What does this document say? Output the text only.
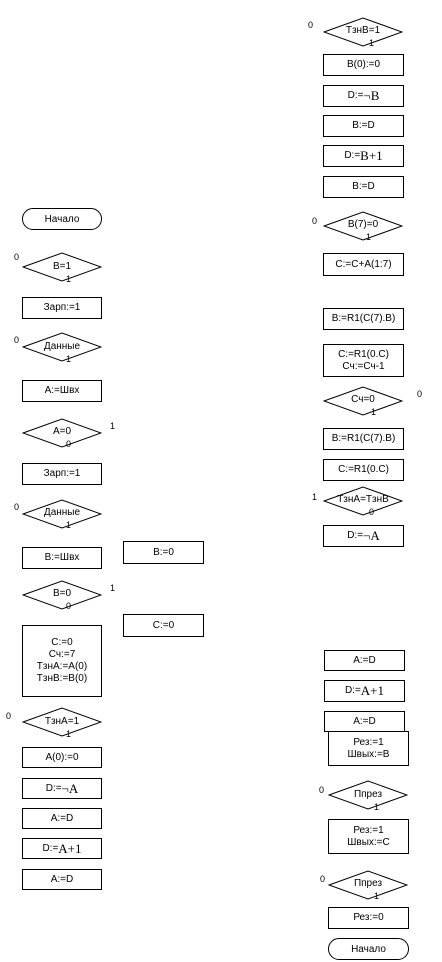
Начало
B=1
1
0
Зарп:=1
Данные
1
0
A:=Швх
A=0
0
1
Зарп:=1
Данные
1
0
B:=Швх
B=0
0
1
C:=0
Сч:=7
ТзнА:=А(0)
ТзнВ:=В(0)
ТзнА=1
1
0
A(0):=0
D:= ¬А
A:=D
D:= А+1
A:=D
B:=0
C:=0
ТзнВ=1
1
0
B(0):=0
D:= ¬В
B:=D
D:= B+1
B:=D
B(7)=0
1
0
C:=C+A(1:7)
B:=R1(C(7).B)
C:=R1(0.C)
Сч:=Сч-1
Сч=0
1
0
B:=R1(C(7).B)
C:=R1(0.C)
ТзнА=ТзнВ
0
1
D:= ¬А
A:=D
D:= A+1
A:=D
Рез:=1
Швых:=B
Ппрез
1
0
Рез:=1
Швых:=C
Ппрез
1
0
Рез:=0
Начало
